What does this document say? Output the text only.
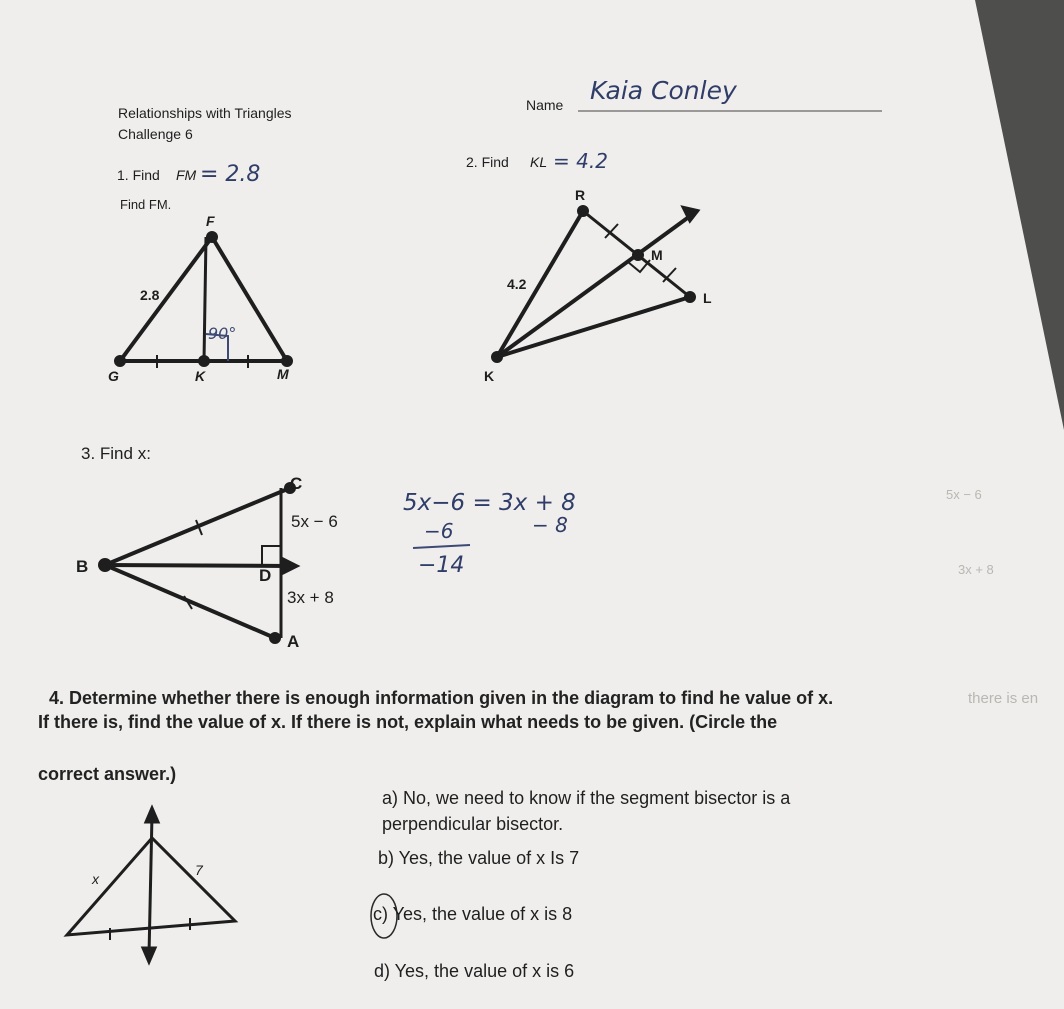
Relationships with Triangles
Challenge 6
Name Kaia Conley
1. Find FM = 2.8
Find FM.
F
G	K	M
2.8
90°
2. Find KL = 4.2
R
M
L
K
4.2
3. Find x:
C
B	D
A
5x − 6
3x + 8
5x−6 = 3x + 8
−6	− 8
−14
5x − 6
3x + 8
4. Determine whether there is enough information given in the diagram to find he value of x.	there is en
If there is, find the value of x. If there is not, explain what needs to be given. (Circle the
correct answer.)
x
7
a) No, we need to know if the segment bisector is a
perpendicular bisector.
b) Yes, the value of x Is 7
c) Yes, the value of x is 8
d) Yes, the value of x is 6
